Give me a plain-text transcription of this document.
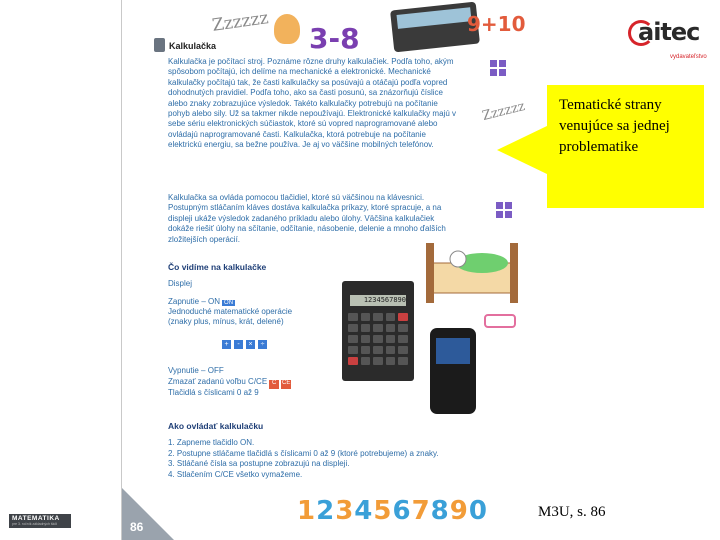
Zzzzzz
3-8	9+10
Kalkulačka
Kalkulačka je počítací stroj. Poznáme rôzne druhy kalkulačiek. Podľa toho, akým spôsobom počítajú, ich delíme na mechanické a elektronické. Mechanické kalkulačky počítajú tak, že časti kalkulačky sa posúvajú a otáčajú podľa vopred dohodnutých pravidiel. Podľa toho, ako sa časti posunú, sa znázorňujú číslice alebo znaky zobrazujúce výsledok. Takéto kalkulačky potrebujú na počítanie pohyb alebo sily. Už sa takmer nikde nepoužívajú. Elektronické kalkulačky majú v sebe sériu elektronických súčiastok, ktoré sú vopred naprogramované alebo ovládajú naprogramované časti. Kalkulačka, ktorá potrebuje na počítanie elektrickú energiu, sa bežne používa. Je aj vo väčšine mobilných telefónov.
Kalkulačka sa ovláda pomocou tlačidiel, ktoré sú väčšinou na klávesnici. Postupným stláčaním kláves dostáva kalkulačka príkazy, ktoré spracuje, a na displeji ukáže výsledok zadaného príkladu alebo úlohy. Väčšina kalkulačiek dokáže riešiť úlohy na sčítanie, odčítanie, násobenie, delenie a mnoho ďalších zložitejších operácií.
Zzzzzz
Čo vidíme na kalkulačke
Displej
Zapnutie – ON ON
Jednoduché matematické operácie
(znaky plus, mínus, krát, delené)
+ - × ÷
Vypnutie – OFF
Zmazať zadanú voľbu C/CE C CE
Tlačidlá s číslicami 0 až 9
1234567890
Ako ovládať kalkulačku
1. Zapneme tlačidlo ON.
2. Postupne stláčame tlačidlá s číslicami 0 až 9 (ktoré potrebujeme) a znaky.
3. Stláčané čísla sa postupne zobrazujú na displeji.
4. Stlačením C/CE všetko vymažeme.
1234567890
86
Tematické strany venujúce sa jednej problematike
aitec
vydavateľstvo
MATEMATIKA
pre 3. ročník základných škôl
M3U, s. 86
